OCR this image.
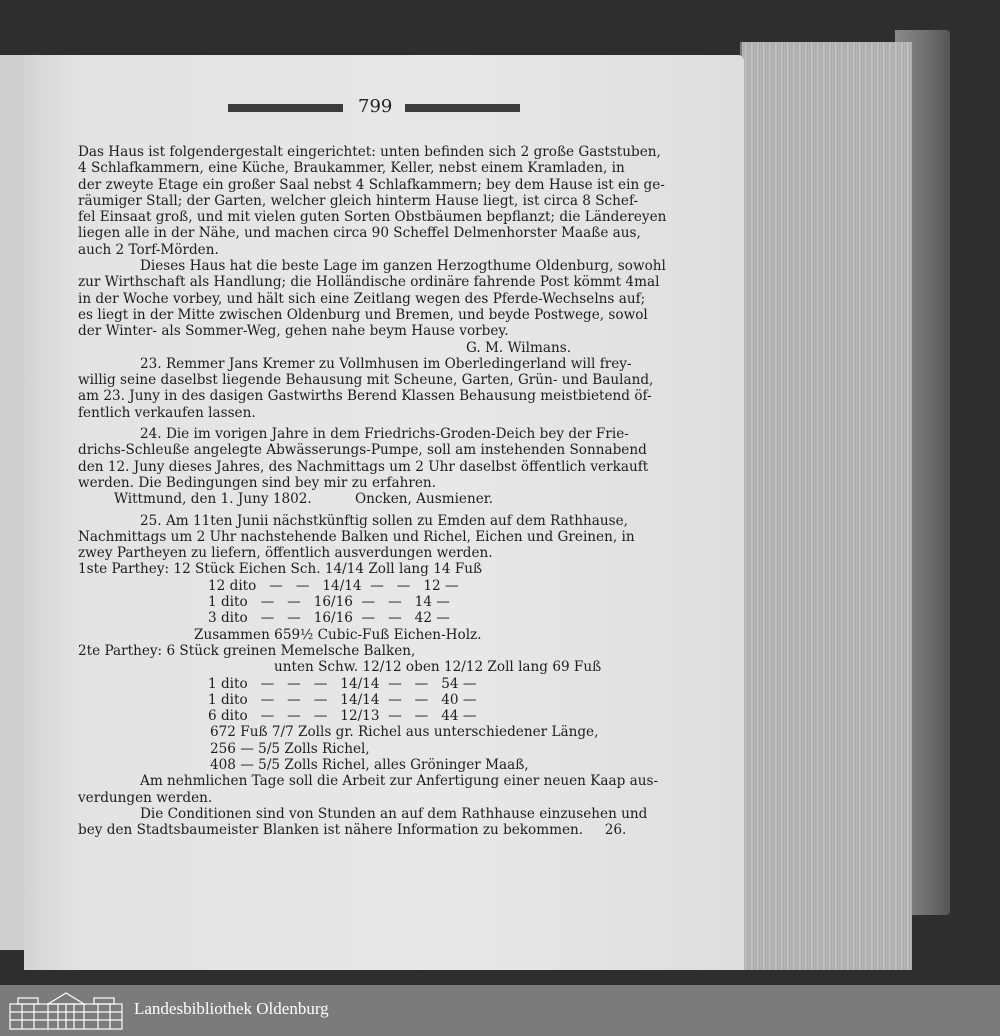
799
Das Haus ist folgendergestalt eingerichtet: unten befinden sich 2 große Gaststuben,
4 Schlafkammern, eine Küche, Braukammer, Keller, nebst einem Kramladen, in
der zweyte Etage ein großer Saal nebst 4 Schlafkammern; bey dem Hause ist ein ge-
räumiger Stall; der Garten, welcher gleich hinterm Hause liegt, ist circa 8 Schef-
fel Einsaat groß, und mit vielen guten Sorten Obstbäumen bepflanzt; die Ländereyen
liegen alle in der Nähe, und machen circa 90 Scheffel Delmenhorster Maaße aus,
auch 2 Torf-Mörden.
Dieses Haus hat die beste Lage im ganzen Herzogthume Oldenburg, sowohl
zur Wirthschaft als Handlung; die Holländische ordinäre fahrende Post kömmt 4mal
in der Woche vorbey, und hält sich eine Zeitlang wegen des Pferde-Wechselns auf;
es liegt in der Mitte zwischen Oldenburg und Bremen, und beyde Postwege, sowol
der Winter- als Sommer-Weg, gehen nahe beym Hause vorbey.
G. M. Wilmans.
23. Remmer Jans Kremer zu Vollmhusen im Oberledingerland will frey-
willig seine daselbst liegende Behausung mit Scheune, Garten, Grün- und Bauland,
am 23. Juny in des dasigen Gastwirths Berend Klassen Behausung meistbietend öf-
fentlich verkaufen lassen.
24. Die im vorigen Jahre in dem Friedrichs-Groden-Deich bey der Frie-
drichs-Schleuße angelegte Abwässerungs-Pumpe, soll am instehenden Sonnabend
den 12. Juny dieses Jahres, des Nachmittags um 2 Uhr daselbst öffentlich verkauft
werden. Die Bedingungen sind bey mir zu erfahren.
Wittmund, den 1. Juny 1802.          Oncken, Ausmiener.
25. Am 11ten Junii nächstkünftig sollen zu Emden auf dem Rathhause,
Nachmittags um 2 Uhr nachstehende Balken und Richel, Eichen und Greinen, in
zwey Partheyen zu liefern, öffentlich ausverdungen werden.
1ste Parthey: 12 Stück Eichen Sch. 14/14 Zoll lang 14 Fuß
12 dito   —   —   14/14  —   —   12 —
1 dito   —   —   16/16  —   —   14 —
3 dito   —   —   16/16  —   —   42 —
Zusammen 659½ Cubic-Fuß Eichen-Holz.
2te Parthey: 6 Stück greinen Memelsche Balken,
unten Schw. 12/12 oben 12/12 Zoll lang 69 Fuß
1 dito   —   —   —   14/14  —   —   54 —
1 dito   —   —   —   14/14  —   —   40 —
6 dito   —   —   —   12/13  —   —   44 —
672 Fuß 7/7 Zolls gr. Richel aus unterschiedener Länge,
256 — 5/5 Zolls Richel,
408 — 5/5 Zolls Richel, alles Gröninger Maaß,
Am nehmlichen Tage soll die Arbeit zur Anfertigung einer neuen Kaap aus-
verdungen werden.
Die Conditionen sind von Stunden an auf dem Rathhause einzusehen und
bey den Stadtsbaumeister Blanken ist nähere Information zu bekommen.     26.
Landesbibliothek Oldenburg
